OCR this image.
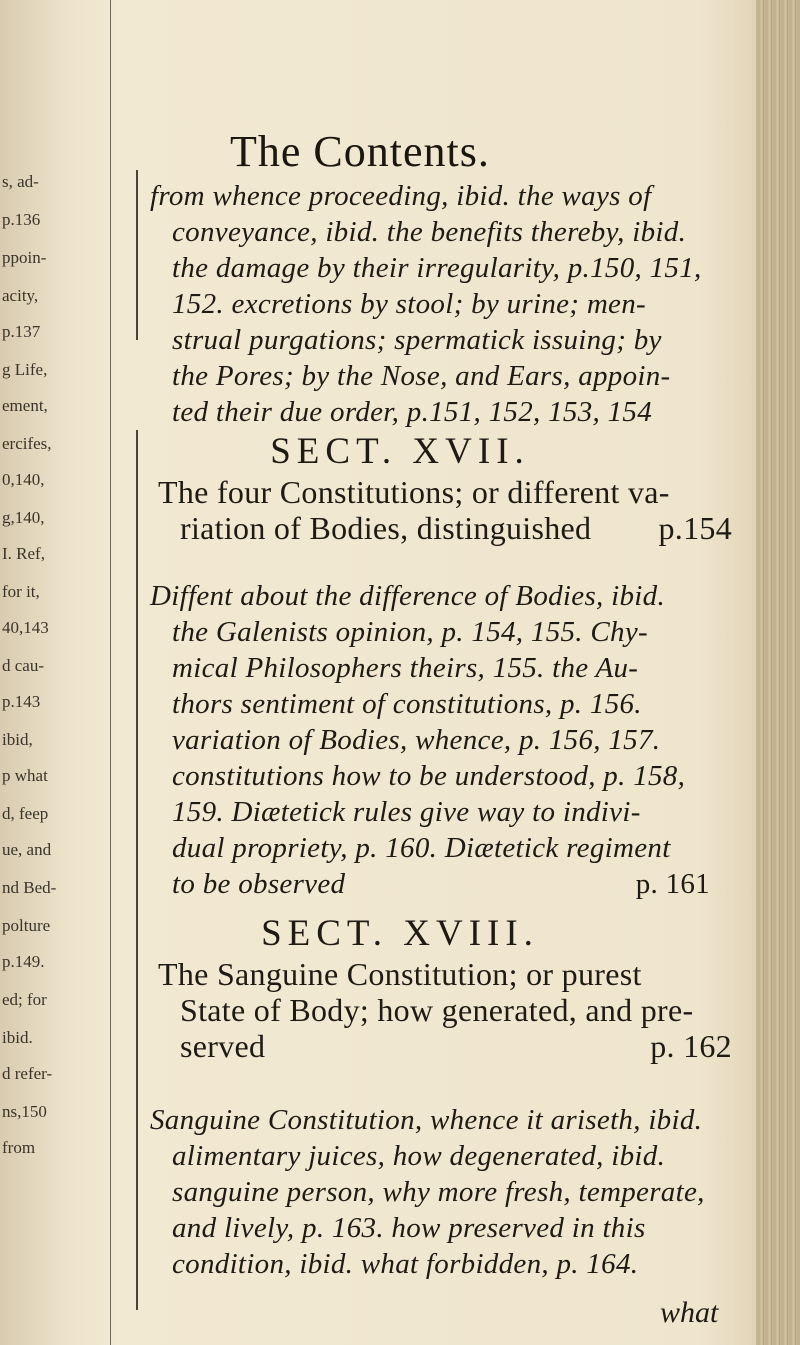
s, ad-
p.136
ppoin-
acity,
p.137
g Life,
ement,
ercifes,
0,140,
g,140,
I. Ref,
for it,
40,143
d cau-
p.143
ibid,
p what
d, feep
ue, and
nd Bed-
polture
p.149.
ed; for
ibid.
d refer-
ns,150
from
The Contents.
from whence proceeding, ibid. the ways of
conveyance, ibid. the benefits thereby, ibid.
the damage by their irregularity, p.150, 151,
152. excretions by stool; by urine; men-
strual purgations; spermatick issuing; by
the Pores; by the Nose, and Ears, appoin-
ted their due order, p.151, 152, 153, 154
SECT. XVII.
The four Constitutions; or different va-
riation of Bodies, distinguished p.154
Diffent about the difference of Bodies, ibid.
the Galenists opinion, p. 154, 155. Chy-
mical Philosophers theirs, 155. the Au-
thors sentiment of constitutions, p. 156.
variation of Bodies, whence, p. 156, 157.
constitutions how to be understood, p. 158,
159. Diætetick rules give way to indivi-
dual propriety, p. 160. Diætetick regiment
to be observed	p. 161
SECT. XVIII.
The Sanguine Constitution; or purest
State of Body; how generated, and pre-
served	p. 162
Sanguine Constitution, whence it ariseth, ibid.
alimentary juices, how degenerated, ibid.
sanguine person, why more fresh, temperate,
and lively, p. 163. how preserved in this
condition, ibid. what forbidden, p. 164.
what
